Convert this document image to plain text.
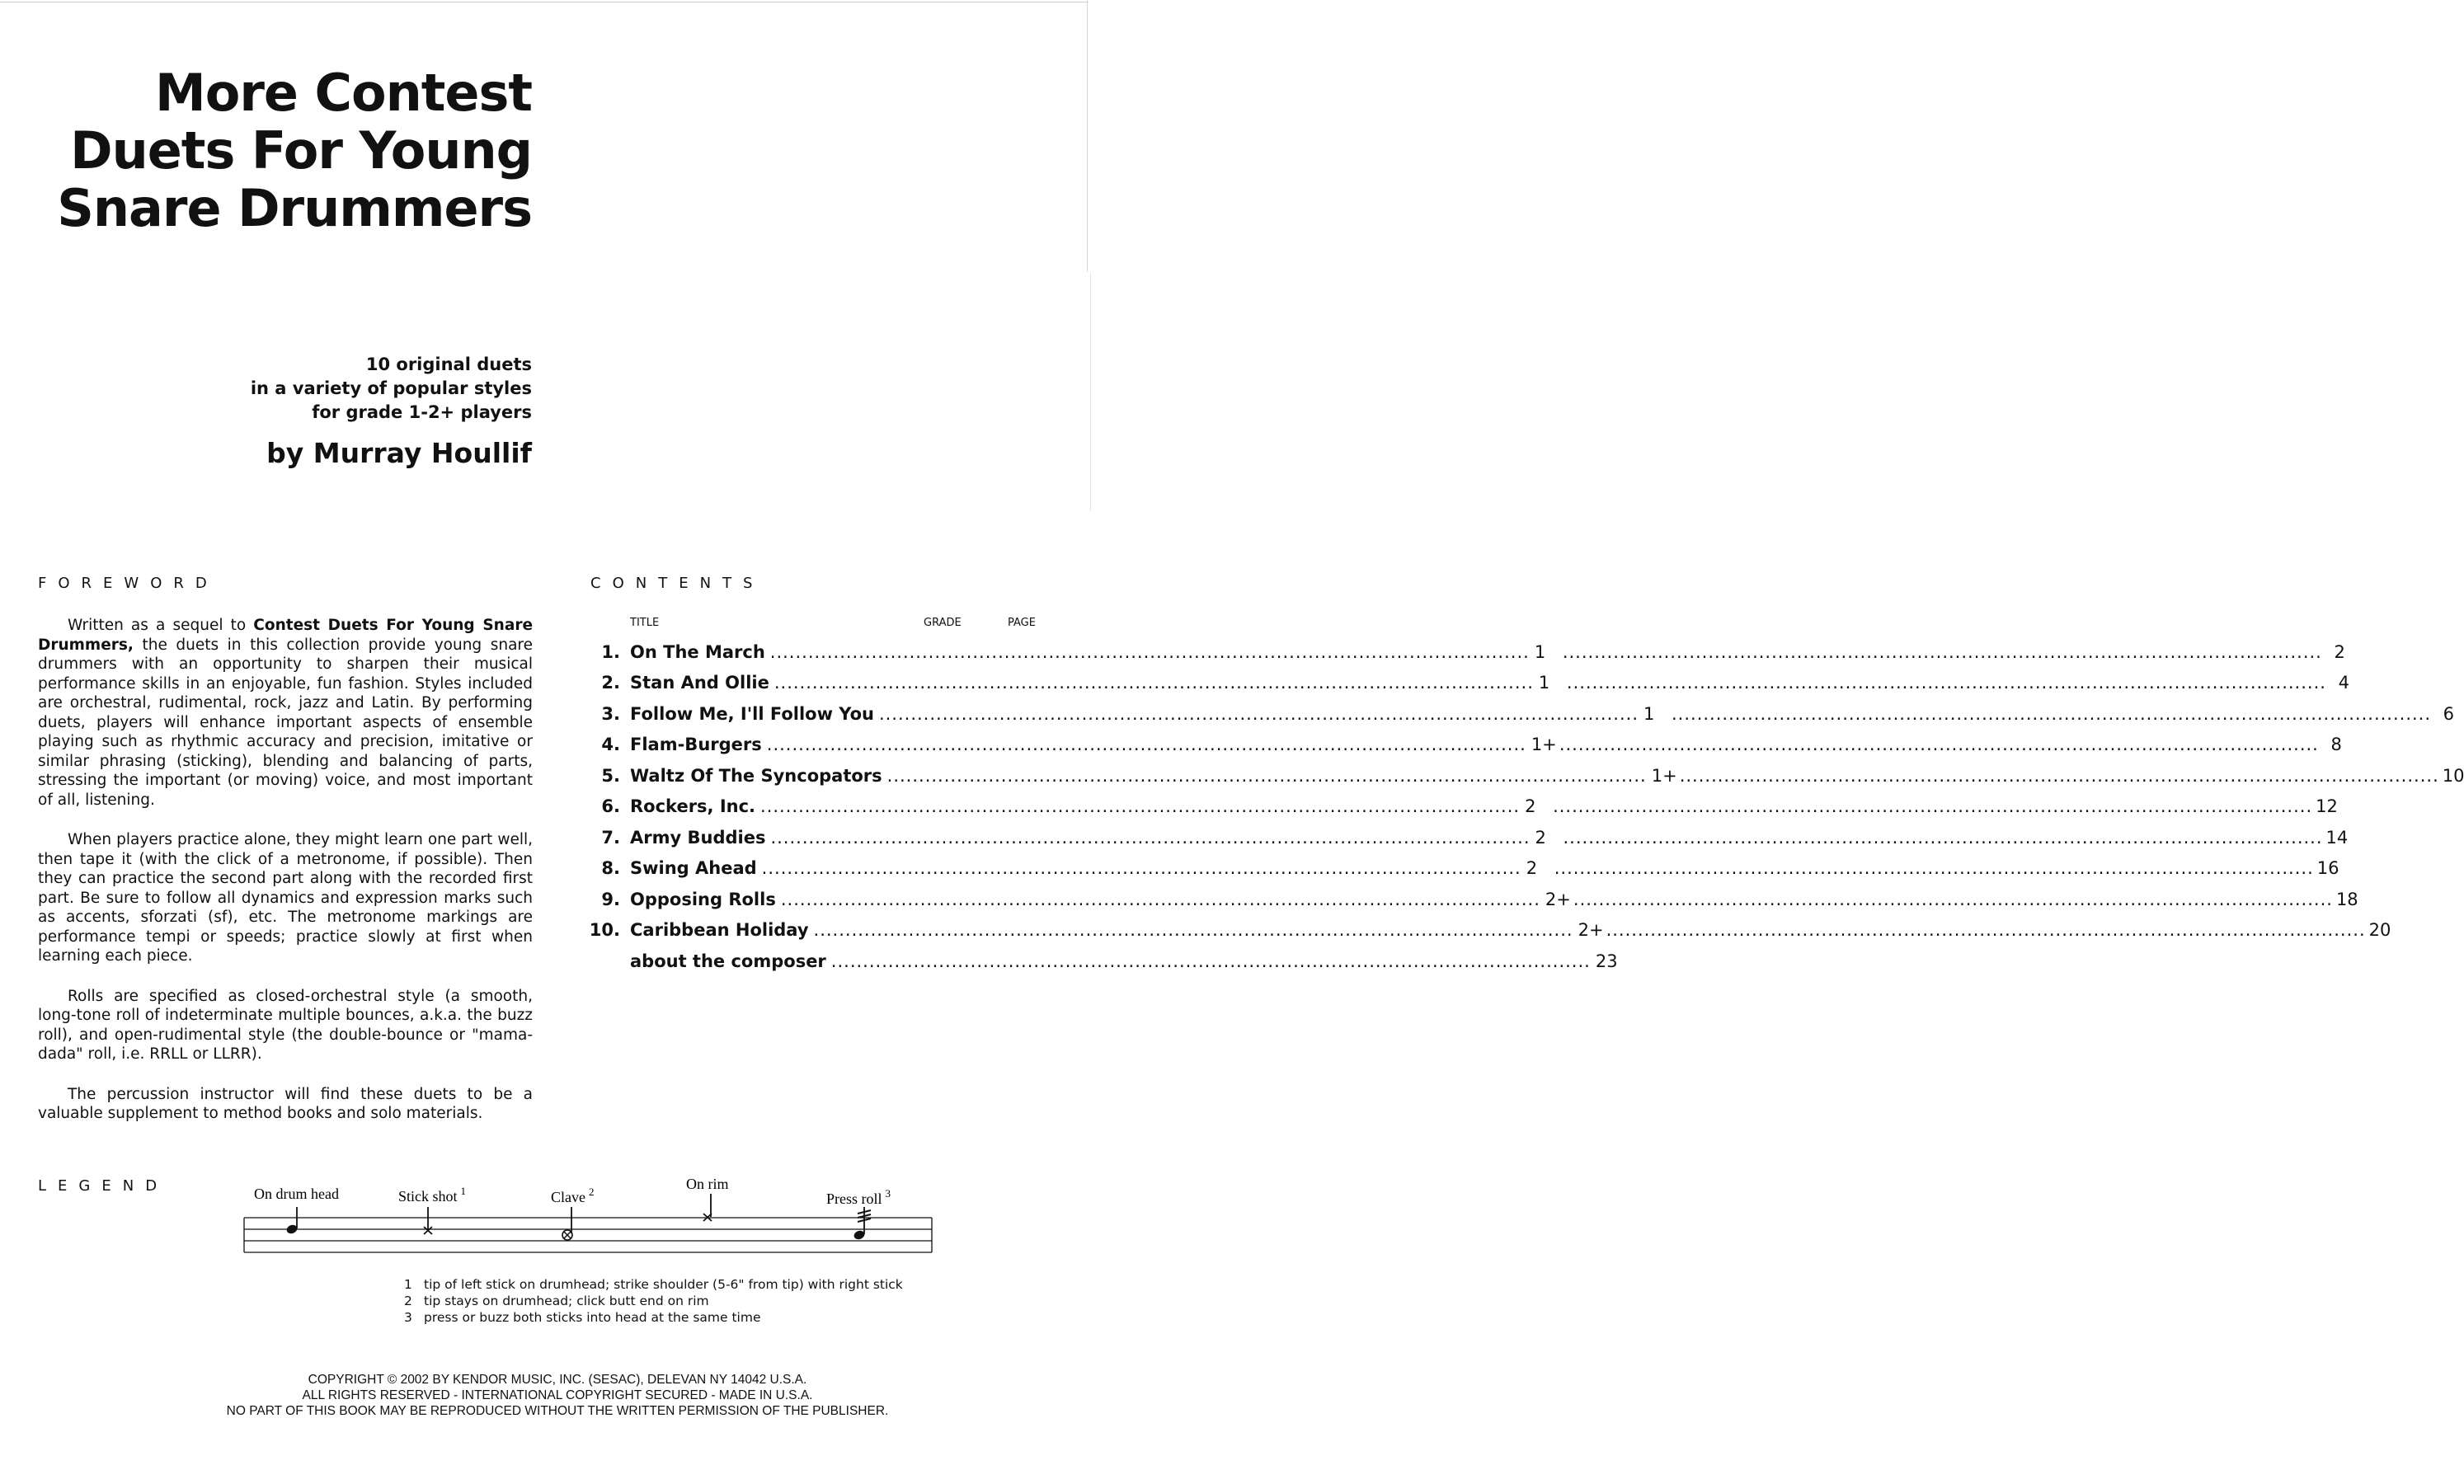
More Contest
Duets For Young
Snare Drummers
10 original duets
in a variety of popular styles
for grade 1-2+ players
by Murray Houllif
FOREWORD

Written as a sequel to Contest Duets For Young Snare Drummers, the duets in this collection provide young snare drummers with an opportunity to sharpen their musical performance skills in an enjoyable, fun fashion. Styles included are orchestral, rudimental, rock, jazz and Latin. By performing duets, players will enhance important aspects of ensemble playing such as rhythmic accuracy and precision, imitative or similar phrasing (sticking), blending and balancing of parts, stressing the important (or moving) voice, and most important of all, listening.

When players practice alone, they might learn one part well, then tape it (with the click of a metronome, if possible). Then they can practice the second part along with the recorded first part. Be sure to follow all dynamics and expression marks such as accents, sforzati (sf), etc. The metronome markings are performance tempi or speeds; practice slowly at first when learning each piece.

Rolls are specified as closed-orchestral style (a smooth, long-tone roll of indeterminate multiple bounces, a.k.a. the buzz roll), and open-rudimental style (the double-bounce or "mama-dada" roll, i.e. RRLL or LLRR).

The percussion instructor will find these duets to be a valuable supplement to method books and solo materials.

CONTENTS
TITLE	GRADE	PAGE
1. On The March ........................................................................................................................ 1 ........................................................................................................................ 2
2. Stan And Ollie ........................................................................................................................ 1 ........................................................................................................................ 4
3. Follow Me, I'll Follow You ........................................................................................................................ 1 ........................................................................................................................ 6
4. Flam-Burgers ........................................................................................................................ 1+ ........................................................................................................................ 8
5. Waltz Of The Syncopators ........................................................................................................................ 1+ ........................................................................................................................ 10
6. Rockers, Inc. ........................................................................................................................ 2 ........................................................................................................................ 12
7. Army Buddies ........................................................................................................................ 2 ........................................................................................................................ 14
8. Swing Ahead ........................................................................................................................ 2 ........................................................................................................................ 16
9. Opposing Rolls ........................................................................................................................ 2+ ........................................................................................................................ 18
10. Caribbean Holiday ........................................................................................................................ 2+ ........................................................................................................................ 20
about the composer ........................................................................................................................ 23
LEGEND	On drum head	Stick shot $^1$	Clave $^2$	On rim
Press roll $^3$
1 tip of left stick on drumhead; strike shoulder (5-6" from tip) with right stick
2 tip stays on drumhead; click butt end on rim
3 press or buzz both sticks into head at the same time
COPYRIGHT © 2002 BY KENDOR MUSIC, INC. (SESAC), DELEVAN NY 14042 U.S.A.
ALL RIGHTS RESERVED - INTERNATIONAL COPYRIGHT SECURED - MADE IN U.S.A.
NO PART OF THIS BOOK MAY BE REPRODUCED WITHOUT THE WRITTEN PERMISSION OF THE PUBLISHER.
